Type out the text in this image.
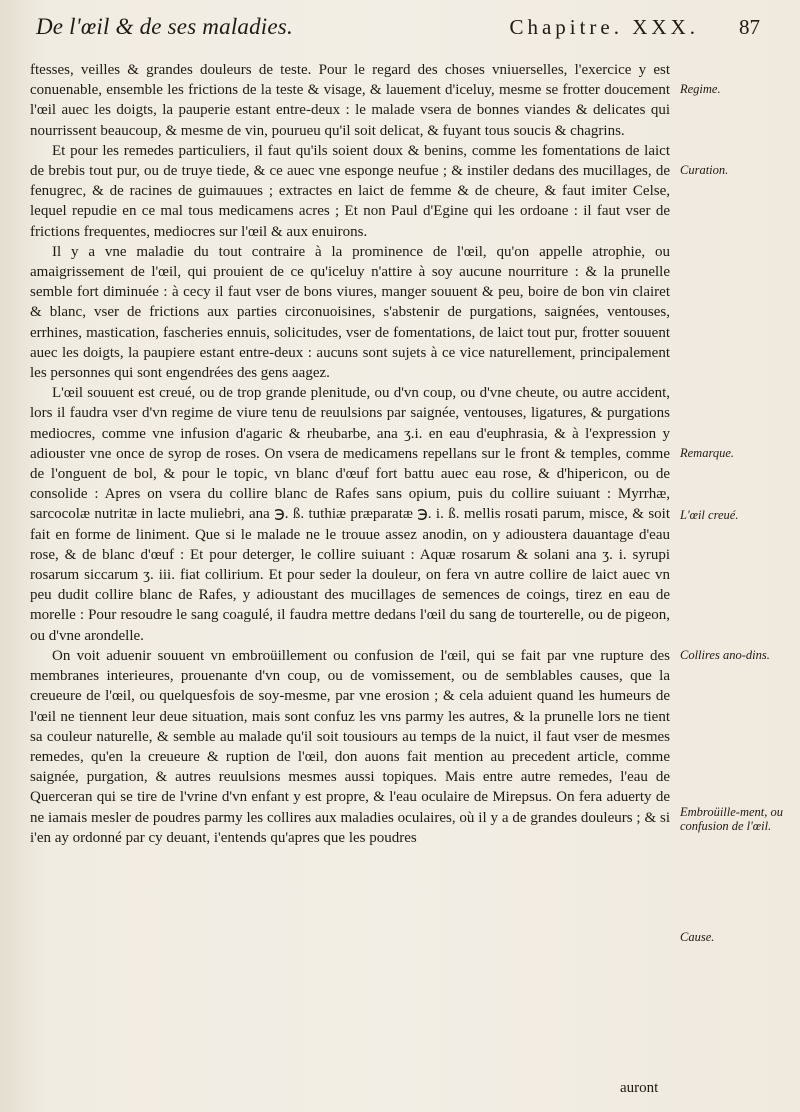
De l'œil & de ses maladies.	Chapitre. XXX. 87

ftesses, veilles & grandes douleurs de teste. Pour le regard des choses vniuerselles, l'exercice y est conuenable, ensemble les frictions de la teste & visage, & lauement d'iceluy, mesme se frotter doucement l'œil auec les doigts, la pauperie estant entre-deux : le malade vsera de bonnes viandes & delicates qui nourrissent beaucoup, & mesme de vin, pourueu qu'il soit delicat, & fuyant tous soucis & chagrins.

Et pour les remedes particuliers, il faut qu'ils soient doux & benins, comme les fomentations de laict de brebis tout pur, ou de truye tiede, & ce auec vne esponge neufue ; & instiler dedans des mucillages, de fenugrec, & de racines de guimauues ; extractes en laict de femme & de cheure, & faut imiter Celse, lequel repudie en ce mal tous medicamens acres ; Et non Paul d'Egine qui les ordoane : il faut vser de frictions frequentes, mediocres sur l'œil & aux enuirons.

Il y a vne maladie du tout contraire à la prominence de l'œil, qu'on appelle atrophie, ou amaigrissement de l'œil, qui prouient de ce qu'iceluy n'attire à soy aucune nourriture : & la prunelle semble fort diminuée : à cecy il faut vser de bons viures, manger souuent & peu, boire de bon vin clairet & blanc, vser de frictions aux parties circonuoisines, s'abstenir de purgations, saignées, ventouses, errhines, mastication, fascheries ennuis, solicitudes, vser de fomentations, de laict tout pur, frotter souuent auec les doigts, la paupiere estant entre-deux : aucuns sont sujets à ce vice naturellement, principalement les personnes qui sont engendrées des gens aagez.

L'œil souuent est creué, ou de trop grande plenitude, ou d'vn coup, ou d'vne cheute, ou autre accident, lors il faudra vser d'vn regime de viure tenu de reuulsions par saignée, ventouses, ligatures, & purgations mediocres, comme vne infusion d'agaric & rheubarbe, ana ʒ.i. en eau d'euphrasia, & à l'expression y adiouster vne once de syrop de roses. On vsera de medicamens repellans sur le front & temples, comme de l'onguent de bol, & pour le topic, vn blanc d'œuf fort battu auec eau rose, & d'hipericon, ou de consolide : Apres on vsera du collire blanc de Rafes sans opium, puis du collire suiuant : Myrrhæ, sarcocolæ nutritæ in lacte muliebri, ana ℈. ß. tuthiæ præparatæ ℈. i. ß. mellis rosati parum, misce, & soit fait en forme de liniment. Que si le malade ne le trouue assez anodin, on y adioustera dauantage d'eau rose, & de blanc d'œuf : Et pour deterger, le collire suiuant : Aquæ rosarum & solani ana ʒ. i. syrupi rosarum siccarum ʒ. iii. fiat collirium. Et pour seder la douleur, on fera vn autre collire de laict auec vn peu dudit collire blanc de Rafes, y adioustant des mucillages de semences de coings, tirez en eau de morelle : Pour resoudre le sang coagulé, il faudra mettre dedans l'œil du sang de tourterelle, ou de pigeon, ou d'vne arondelle.

On voit aduenir souuent vn embroüillement ou confusion de l'œil, qui se fait par vne rupture des membranes interieures, prouenante d'vn coup, ou de vomissement, ou de semblables causes, que la creueure de l'œil, ou quelquesfois de soy-mesme, par vne erosion ; & cela aduient quand les humeurs de l'œil ne tiennent leur deue situation, mais sont confuz les vns parmy les autres, & la prunelle lors ne tient sa couleur naturelle, & semble au malade qu'il soit tousiours au temps de la nuict, il faut vser de mesmes remedes, qu'en la creueure & ruption de l'œil, don auons fait mention au precedent article, comme saignée, purgation, & autres reuulsions mesmes aussi topiques. Mais entre autre remedes, l'eau de Querceran qui se tire de l'vrine d'vn enfant y est propre, & l'eau oculaire de Mirepsus. On fera aduerty de ne iamais mesler de poudres parmy les collires aux maladies oculaires, où il y a de grandes douleurs ; & si i'en ay ordonné par cy deuant, i'entends qu'apres que les poudres

Regime.
Curation.
Remarque.
L'œil creué.
Collires ano-dins.
Embroüille-ment, ou confusion de l'œil.
Cause.
auront
